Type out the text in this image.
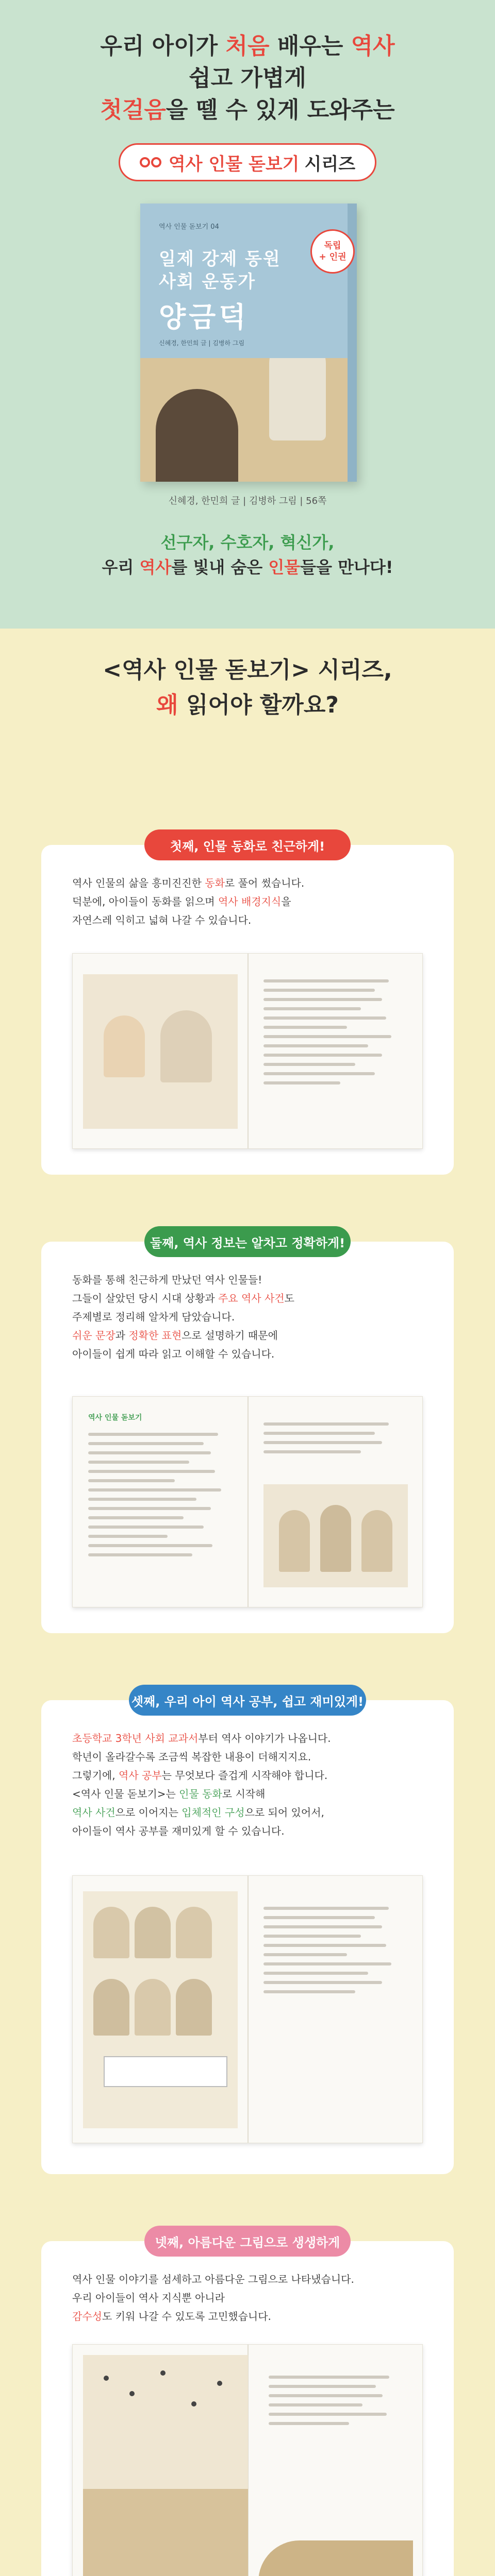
우리 아이가 처음 배우는 역사
쉽고 가볍게
첫걸음을 뗄 수 있게 도와주는
역사 인물 돋보기 시리즈
역사 인물 돋보기 04
일제 강제 동원
사회 운동가
양금덕
독립
+ 인권
신혜경, 한민희 글 | 김병하 그림
신혜경, 한민희 글 | 김병하 그림 | 56쪽
선구자, 수호자, 혁신가,
우리 역사를 빛내 숨은 인물들을 만나다!
<역사 인물 돋보기> 시리즈,
왜 읽어야 할까요?
첫째, 인물 동화로 친근하게!

역사 인물의 삶을 흥미진진한 동화로 풀어 썼습니다.
덕분에, 아이들이 동화를 읽으며 역사 배경지식을
자연스레 익히고 넓혀 나갈 수 있습니다.

둘째, 역사 정보는 알차고 정확하게!

동화를 통해 친근하게 만났던 역사 인물들!
그들이 살았던 당시 시대 상황과 주요 역사 사건도
주제별로 정리해 알차게 담았습니다.
쉬운 문장과 정확한 표현으로 설명하기 때문에
아이들이 쉽게 따라 읽고 이해할 수 있습니다.

역사 인물 돋보기
셋째, 우리 아이 역사 공부, 쉽고 재미있게!

초등학교 3학년 사회 교과서부터 역사 이야기가 나옵니다.
학년이 올라갈수록 조금씩 복잡한 내용이 더해지지요.
그렇기에, 역사 공부는 무엇보다 즐겁게 시작해야 합니다.
<역사 인물 돋보기>는 인물 동화로 시작해
역사 사건으로 이어지는 입체적인 구성으로 되어 있어서,
아이들이 역사 공부를 재미있게 할 수 있습니다.

넷째, 아름다운 그림으로 생생하게

역사 인물 이야기를 섬세하고 아름다운 그림으로 나타냈습니다.
우리 아이들이 역사 지식뿐 아니라
감수성도 키워 나갈 수 있도록 고민했습니다.
